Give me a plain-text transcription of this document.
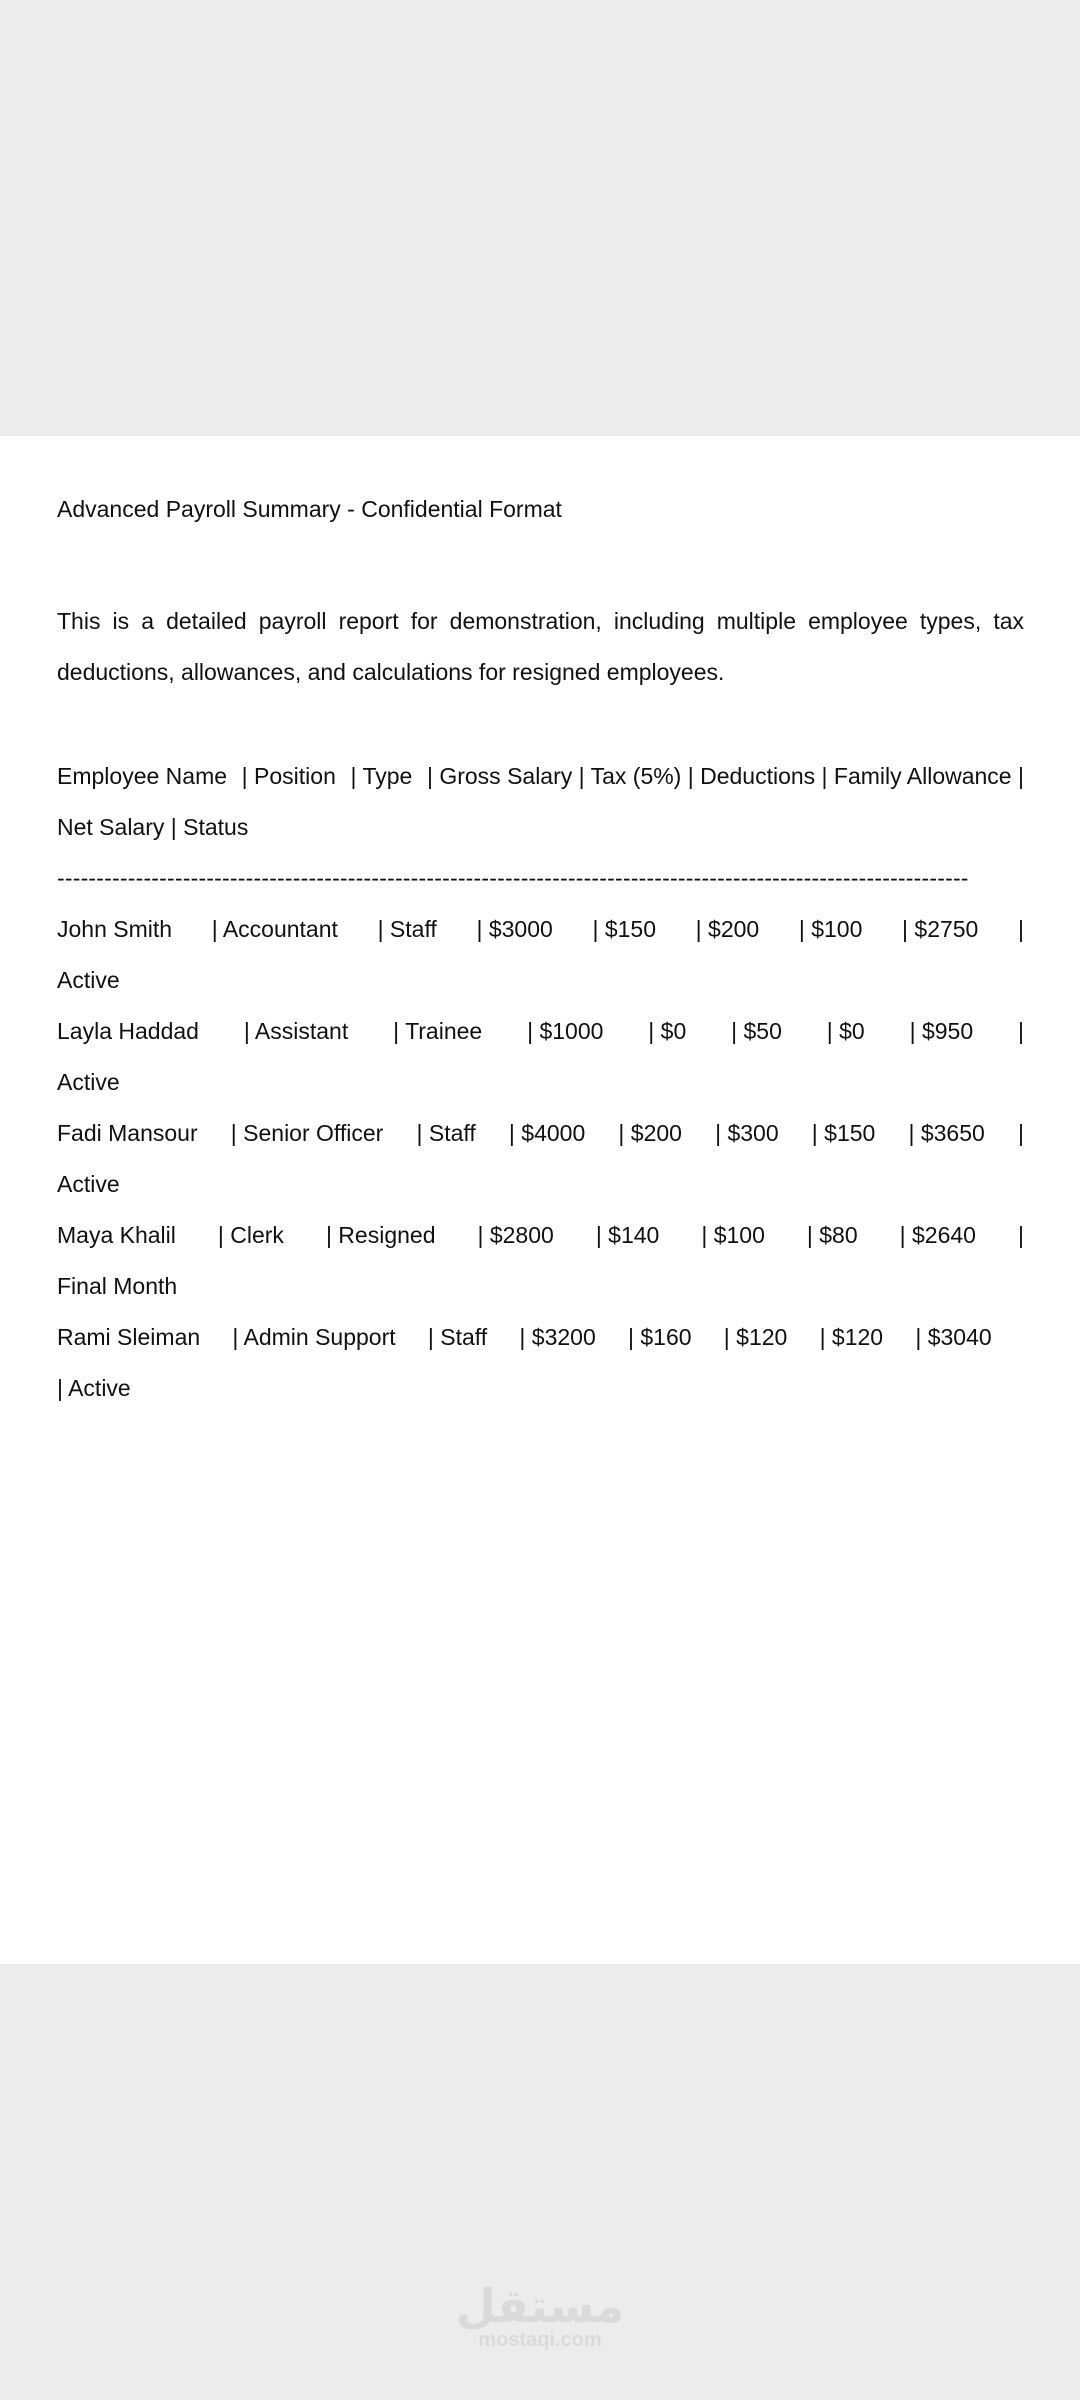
Advanced Payroll Summary - Confidential Format

This is a detailed payroll report for demonstration, including multiple employee types, tax deductions, allowances, and calculations for resigned employees.

Employee Name | Position | Type | Gross Salary | Tax (5%) | Deductions | Family Allowance |
Net Salary | Status
--------------------------------------------------------------------------------------------------------------------
John Smith | Accountant | Staff | $3000 | $150 | $200 | $100 | $2750 |
Active
Layla Haddad | Assistant | Trainee | $1000 | $0 | $50 | $0 | $950 |
Active
Fadi Mansour | Senior Officer | Staff | $4000 | $200 | $300 | $150 | $3650 |
Active
Maya Khalil | Clerk | Resigned | $2800 | $140 | $100 | $80 | $2640 |
Final Month
Rami Sleiman | Admin Support | Staff | $3200 | $160 | $120 | $120 | $3040
| Active
مستقل
mostaqi.com
